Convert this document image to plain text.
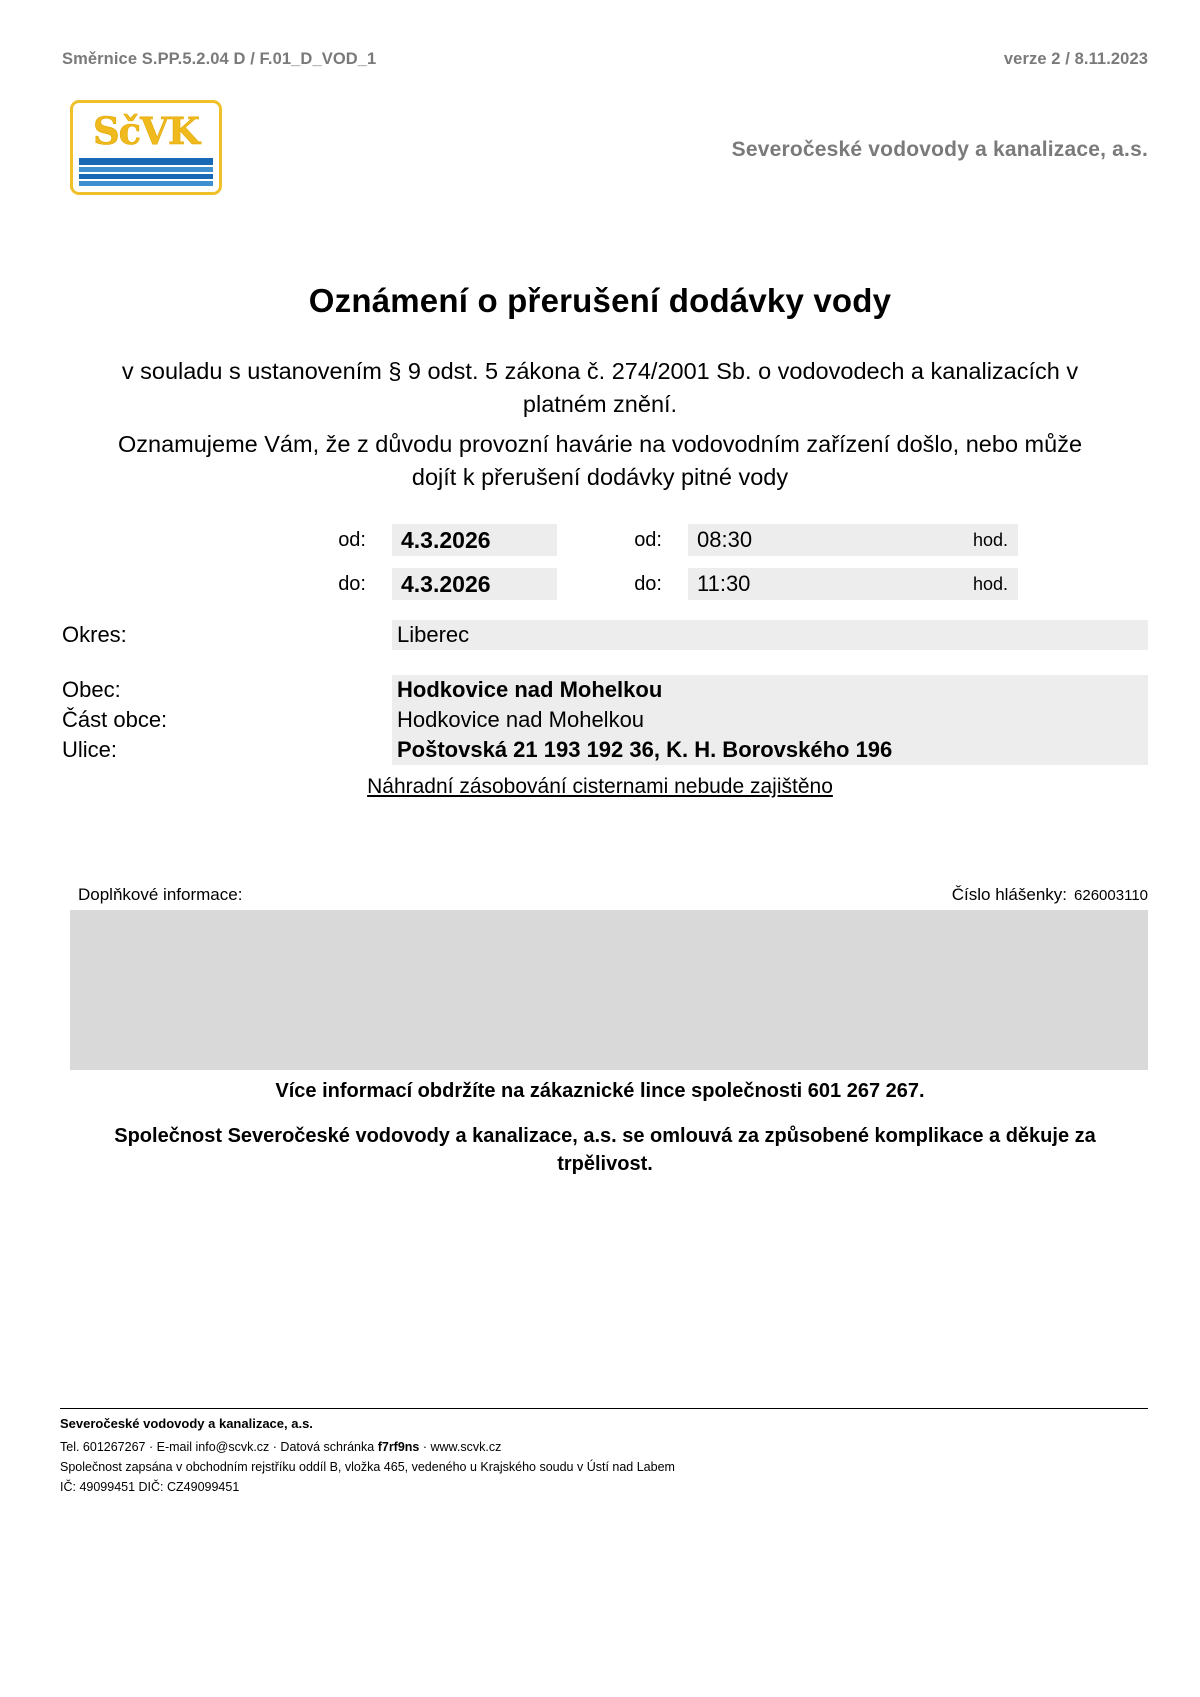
Směrnice S.PP.5.2.04 D / F.01_D_VOD_1	verze 2 / 8.11.2023
SčVK	Severočeské vodovody a kanalizace, a.s.
Oznámení o přerušení dodávky vody
v souladu s ustanovením § 9 odst. 5 zákona č. 274/2001 Sb. o vodovodech a kanalizacích v platném znění.
Oznamujeme Vám, že z důvodu provozní havárie na vodovodním zařízení došlo, nebo může dojít k přerušení dodávky pitné vody
od:	4.3.2026	od:	08:30	hod.
do:	4.3.2026	do:	11:30	hod.
Okres:	Liberec
Obec:	Hodkovice nad Mohelkou
Část obce:	Hodkovice nad Mohelkou
Ulice:	Poštovská 21 193 192 36, K. H. Borovského 196
Náhradní zásobování cisternami nebude zajištěno
Doplňkové informace:	Číslo hlášenky: 626003110
Více informací obdržíte na zákaznické lince společnosti 601 267 267.
Společnost Severočeské vodovody a kanalizace, a.s. se omlouvá za způsobené komplikace a děkuje za trpělivost.
Severočeské vodovody a kanalizace, a.s.
Tel. 601267267 · E-mail info@scvk.cz · Datová schránka f7rf9ns · www.scvk.cz
Společnost zapsána v obchodním rejstříku oddíl B, vložka 465, vedeného u Krajského soudu v Ústí nad Labem
IČ: 49099451 DIČ: CZ49099451
